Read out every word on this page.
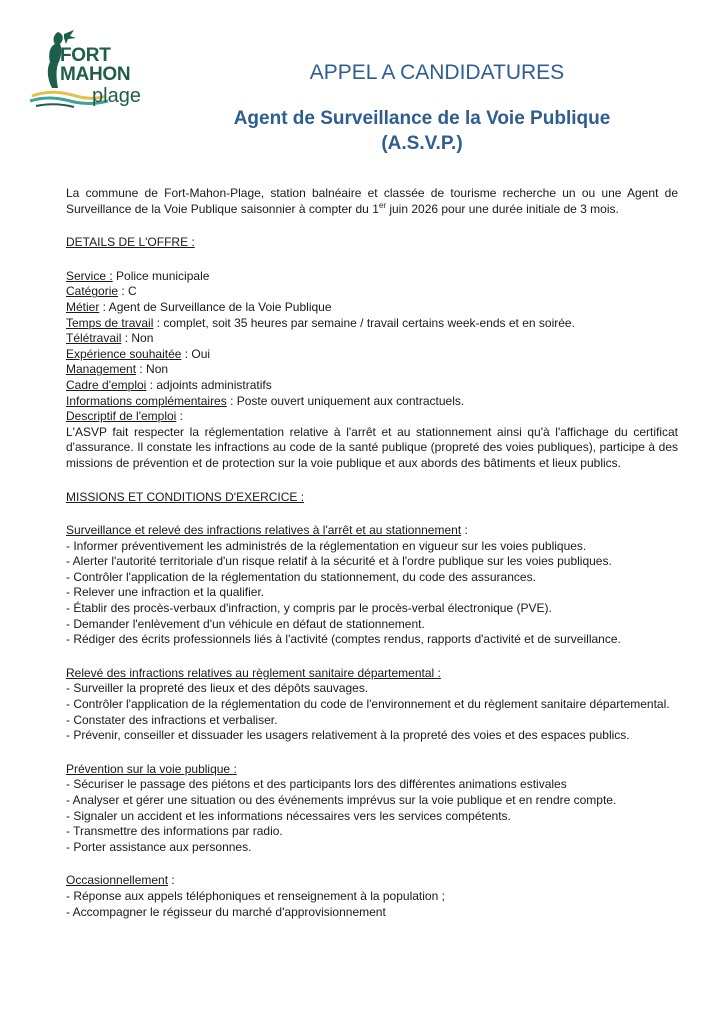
FORT
MAHON
plage
APPEL A CANDIDATURES
Agent de Surveillance de la Voie Publique
(A.S.V.P.)

La commune de Fort-Mahon-Plage, station balnéaire et classée de tourisme recherche un ou une Agent de Surveillance de la Voie Publique saisonnier à compter du 1er juin 2026 pour une durée initiale de 3 mois.

DETAILS DE L'OFFRE :

Service : Police municipale

Catégorie : C

Métier : Agent de Surveillance de la Voie Publique

Temps de travail : complet, soit 35 heures par semaine / travail certains week-ends et en soirée.

Télétravail : Non

Expérience souhaitée : Oui

Management : Non

Cadre d'emploi : adjoints administratifs

Informations complémentaires : Poste ouvert uniquement aux contractuels.

Descriptif de l'emploi :

L'ASVP fait respecter la réglementation relative à l'arrêt et au stationnement ainsi qu'à l'affichage du certificat d'assurance. Il constate les infractions au code de la santé publique (propreté des voies publiques), participe à des missions de prévention et de protection sur la voie publique et aux abords des bâtiments et lieux publics.

MISSIONS ET CONDITIONS D'EXERCICE :

Surveillance et relevé des infractions relatives à l'arrêt et au stationnement :

- Informer préventivement les administrés de la réglementation en vigueur sur les voies publiques.

- Alerter l'autorité territoriale d'un risque relatif à la sécurité et à l'ordre publique sur les voies publiques.

- Contrôler l'application de la réglementation du stationnement, du code des assurances.

- Relever une infraction et la qualifier.

- Établir des procès-verbaux d'infraction, y compris par le procès-verbal électronique (PVE).

- Demander l'enlèvement d'un véhicule en défaut de stationnement.

- Rédiger des écrits professionnels liés à l'activité (comptes rendus, rapports d'activité et de surveillance.

Relevé des infractions relatives au règlement sanitaire départemental :

- Surveiller la propreté des lieux et des dépôts sauvages.

- Contrôler l'application de la réglementation du code de l'environnement et du règlement sanitaire départemental.

- Constater des infractions et verbaliser.

- Prévenir, conseiller et dissuader les usagers relativement à la propreté des voies et des espaces publics.

Prévention sur la voie publique :

- Sécuriser le passage des piétons et des participants lors des différentes animations estivales

- Analyser et gérer une situation ou des événements imprévus sur la voie publique et en rendre compte.

- Signaler un accident et les informations nécessaires vers les services compétents.

- Transmettre des informations par radio.

- Porter assistance aux personnes.

Occasionnellement :

- Réponse aux appels téléphoniques et renseignement à la population ;

- Accompagner le régisseur du marché d'approvisionnement
